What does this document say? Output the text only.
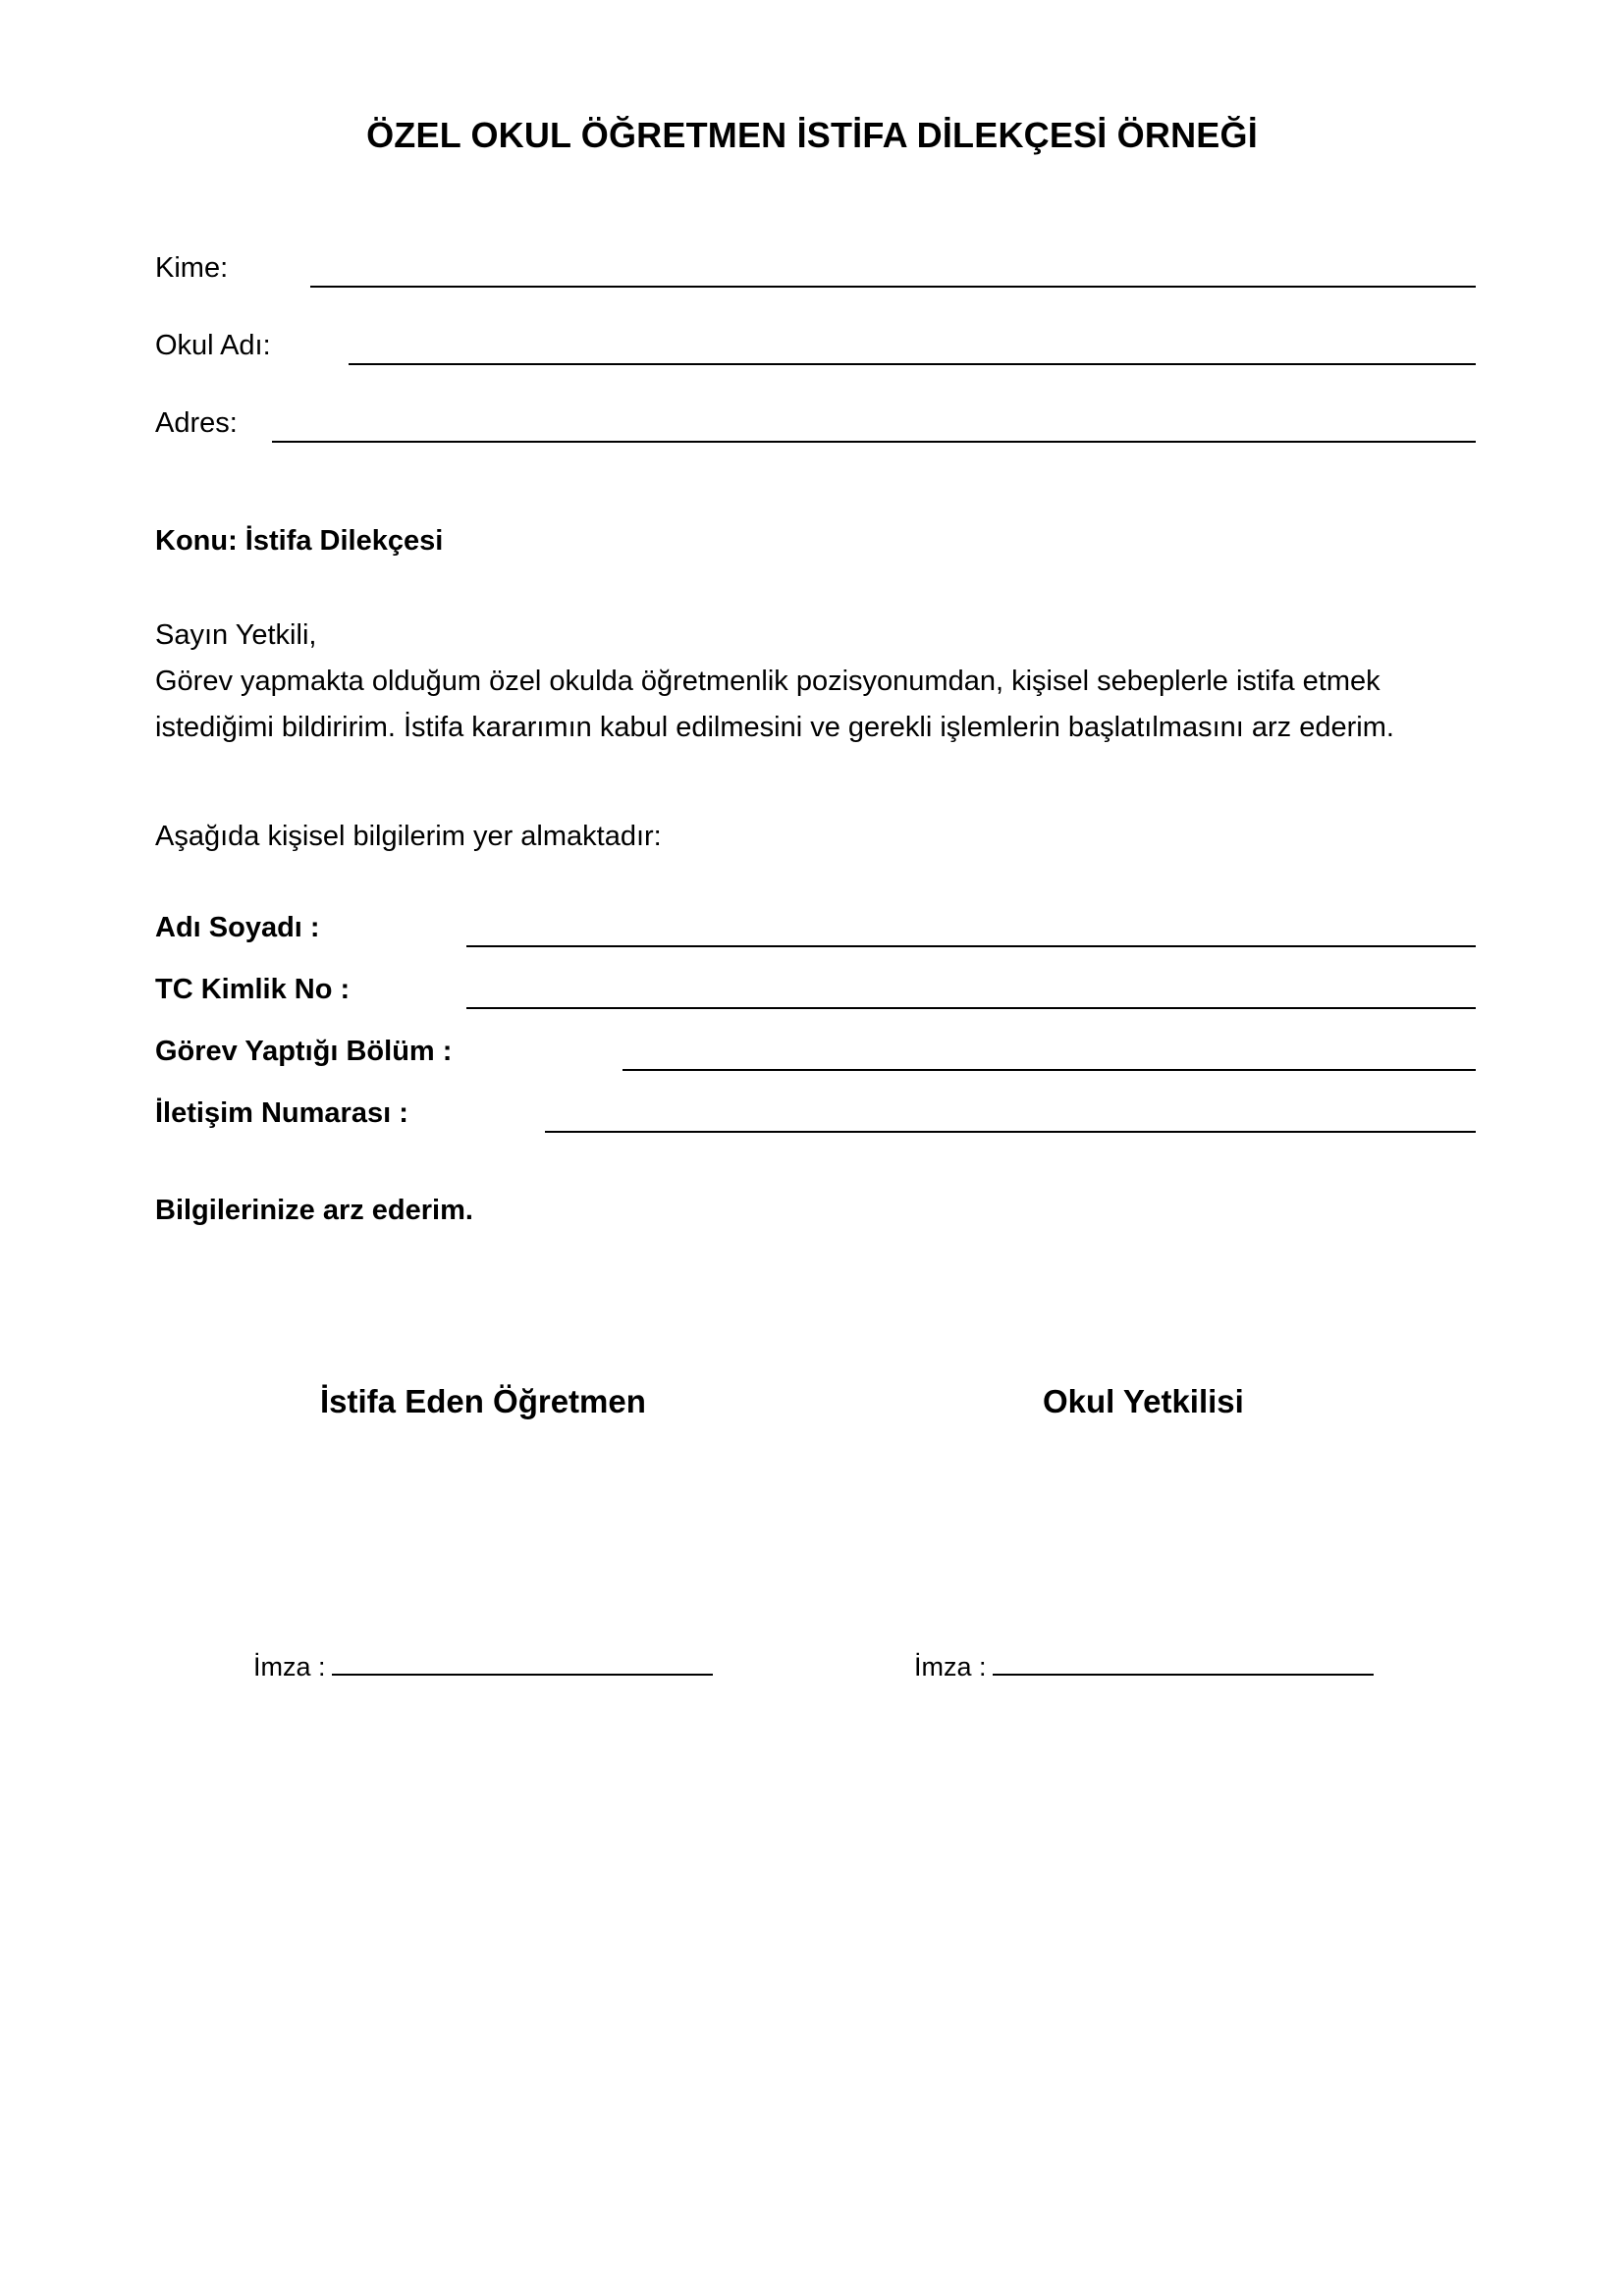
ÖZEL OKUL ÖĞRETMEN İSTİFA DİLEKÇESİ ÖRNEĞİ
Kime:
Okul Adı:
Adres:
Konu: İstifa Dilekçesi
Sayın Yetkili,
Görev yapmakta olduğum özel okulda öğretmenlik pozisyonumdan, kişisel sebeplerle istifa etmek
istediğimi bildiririm. İstifa kararımın kabul edilmesini ve gerekli işlemlerin başlatılmasını arz ederim.
Aşağıda kişisel bilgilerim yer almaktadır:
Adı Soyadı :
TC Kimlik No :
Görev Yaptığı Bölüm :
İletişim Numarası :
Bilgilerinize arz ederim.
İstifa Eden Öğretmen	Okul Yetkilisi
İmza :	İmza :
